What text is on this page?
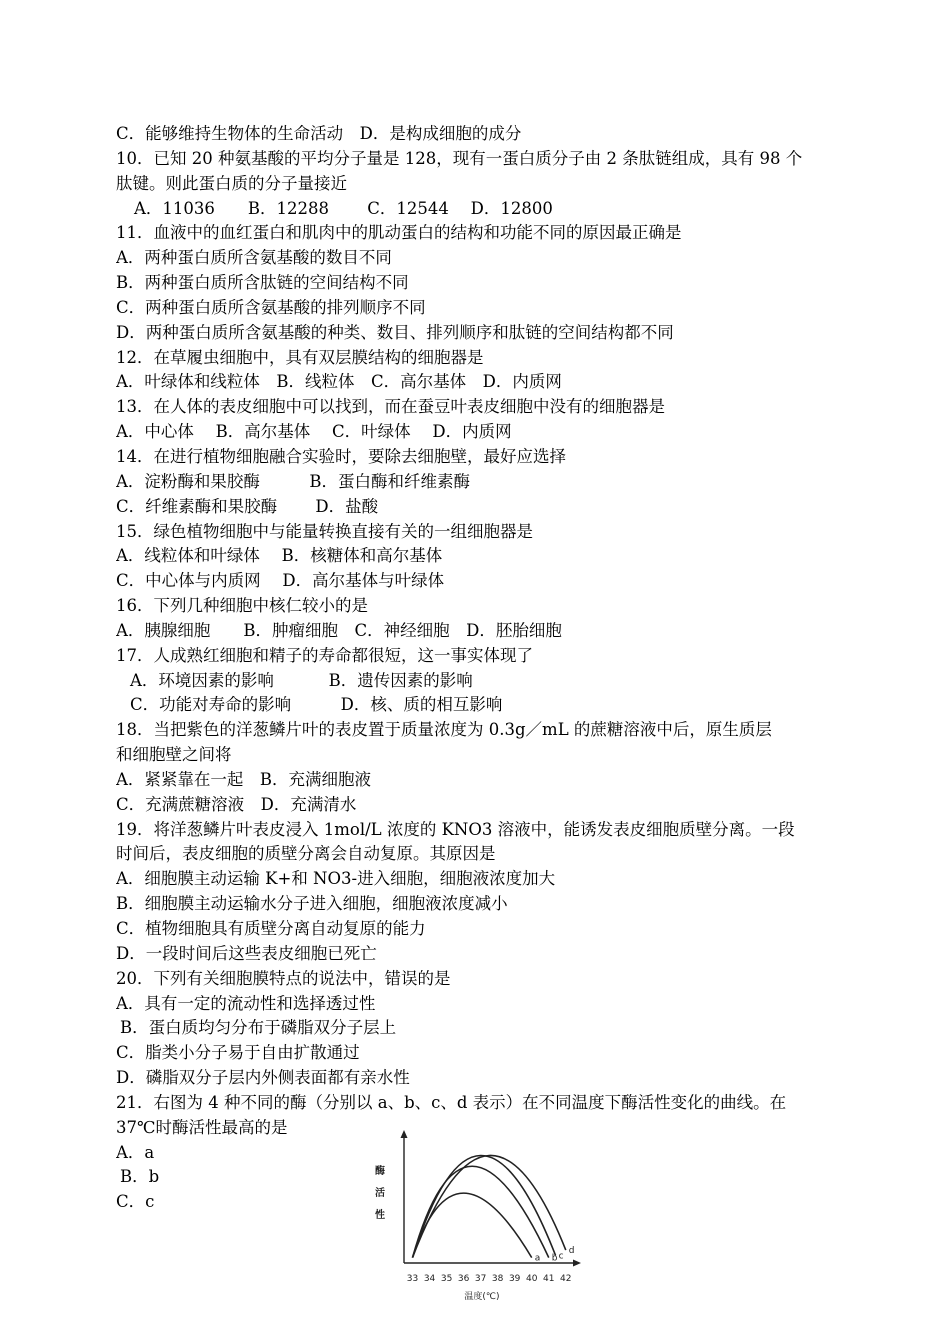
C．能够维持生物体的生命活动　D．是构成细胞的成分
10．已知 20 种氨基酸的平均分子量是 128，现有一蛋白质分子由 2 条肽链组成，具有 98 个
肽键。则此蛋白质的分子量接近
A．11036　　B．12288　　 C．12544　 D．12800
11．血液中的血红蛋白和肌肉中的肌动蛋白的结构和功能不同的原因最正确是
A．两种蛋白质所含氨基酸的数目不同
B．两种蛋白质所含肽链的空间结构不同
C．两种蛋白质所含氨基酸的排列顺序不同
D．两种蛋白质所含氨基酸的种类、数目、排列顺序和肽链的空间结构都不同
12．在草履虫细胞中，具有双层膜结构的细胞器是
A．叶绿体和线粒体　B．线粒体　C．高尔基体　D．内质网
13．在人体的表皮细胞中可以找到，而在蚕豆叶表皮细胞中没有的细胞器是
A．中心体　 B．高尔基体　 C．叶绿体　 D．内质网
14．在进行植物细胞融合实验时，要除去细胞壁，最好应选择
A．淀粉酶和果胶酶　　　B．蛋白酶和纤维素酶
C．纤维素酶和果胶酶　　 D．盐酸
15．绿色植物细胞中与能量转换直接有关的一组细胞器是
A．线粒体和叶绿体　 B．核糖体和高尔基体
C．中心体与内质网　 D．高尔基体与叶绿体
16．下列几种细胞中核仁较小的是
A．胰腺细胞　　B．肿瘤细胞　C．神经细胞　D．胚胎细胞
17．人成熟红细胞和精子的寿命都很短，这一事实体现了
A．环境因素的影响　　　 B．遗传因素的影响
C．功能对寿命的影响　　　D．核、质的相互影响
18．当把紫色的洋葱鳞片叶的表皮置于质量浓度为 0.3g／mL 的蔗糖溶液中后，原生质层
和细胞壁之间将
A．紧紧靠在一起　B．充满细胞液
C．充满蔗糖溶液　D．充满清水
19．将洋葱鳞片叶表皮浸入 1mol/L 浓度的 KNO3 溶液中，能诱发表皮细胞质壁分离。一段
时间后，表皮细胞的质壁分离会自动复原。其原因是
A．细胞膜主动运输 K+和 NO3-进入细胞，细胞液浓度加大
B．细胞膜主动运输水分子进入细胞，细胞液浓度减小
C．植物细胞具有质壁分离自动复原的能力
D．一段时间后这些表皮细胞已死亡
20．下列有关细胞膜特点的说法中，错误的是
A．具有一定的流动性和选择透过性
B．蛋白质均匀分布于磷脂双分子层上
C．脂类小分子易于自由扩散通过
D．磷脂双分子层内外侧表面都有亲水性
21．右图为 4 种不同的酶（分别以 a、b、c、d 表示）在不同温度下酶活性变化的曲线。在
37℃时酶活性最高的是
A．a
B．b
C．c
酶
活
性
a b c
d
33 34 35 36 37 38 39 40 41 42
温度(℃)
